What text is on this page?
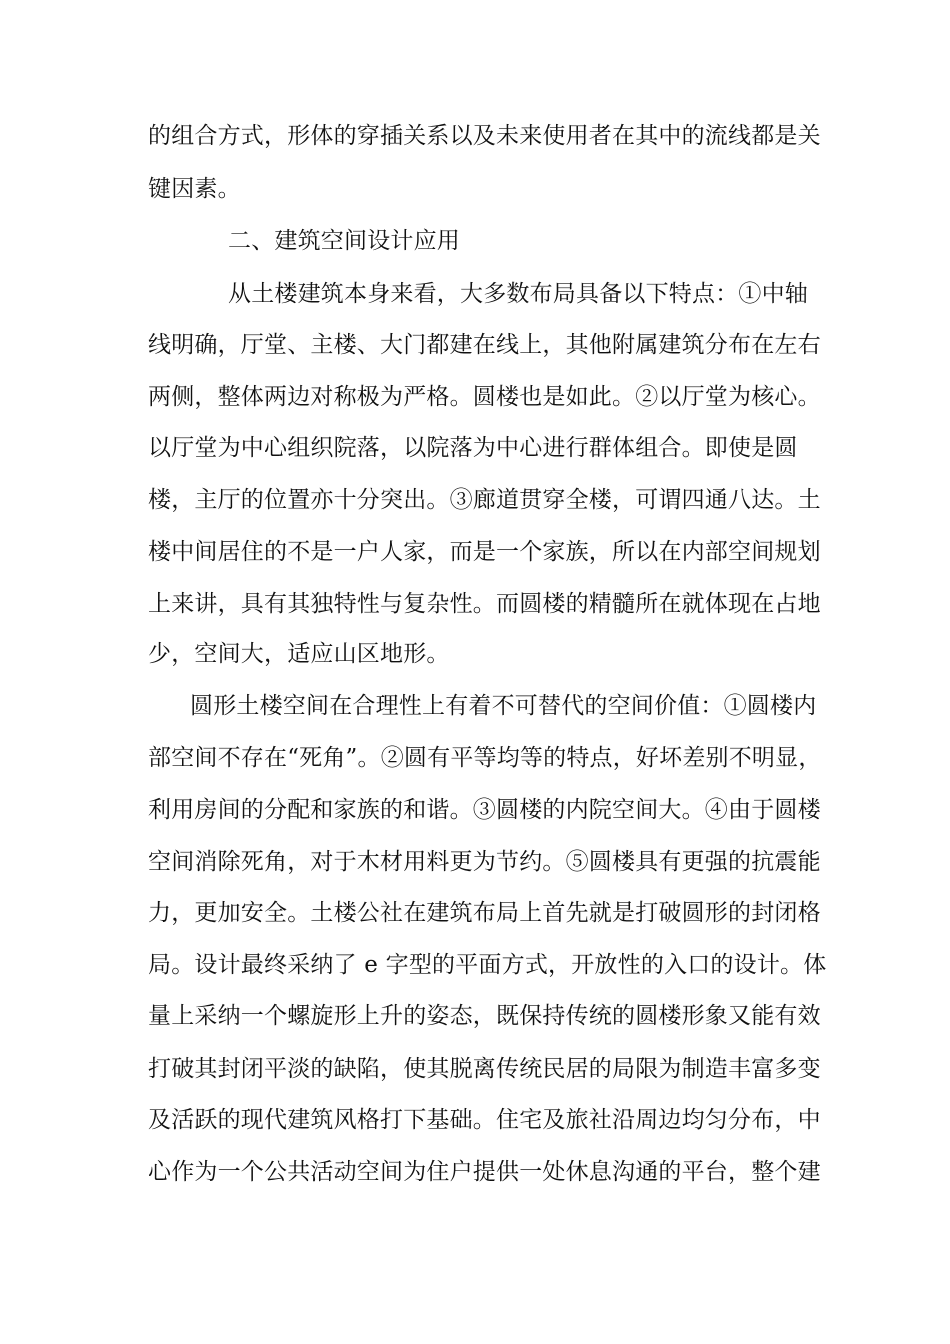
的组合方式，形体的穿插关系以及未来使用者在其中的流线都是关
键因素。
二、建筑空间设计应用
从土楼建筑本身来看，大多数布局具备以下特点：①中轴
线明确，厅堂、主楼、大门都建在线上，其他附属建筑分布在左右
两侧，整体两边对称极为严格。圆楼也是如此。②以厅堂为核心。
以厅堂为中心组织院落，以院落为中心进行群体组合。即使是圆
楼，主厅的位置亦十分突出。③廊道贯穿全楼，可谓四通八达。土
楼中间居住的不是一户人家，而是一个家族，所以在内部空间规划
上来讲，具有其独特性与复杂性。而圆楼的精髓所在就体现在占地
少，空间大，适应山区地形。
圆形土楼空间在合理性上有着不可替代的空间价值：①圆楼内
部空间不存在“死角”。②圆有平等均等的特点，好坏差别不明显，
利用房间的分配和家族的和谐。③圆楼的内院空间大。④由于圆楼
空间消除死角，对于木材用料更为节约。⑤圆楼具有更强的抗震能
力，更加安全。土楼公社在建筑布局上首先就是打破圆形的封闭格
局。设计最终采纳了 e 字型的平面方式，开放性的入口的设计。体
量上采纳一个螺旋形上升的姿态，既保持传统的圆楼形象又能有效
打破其封闭平淡的缺陷，使其脱离传统民居的局限为制造丰富多变
及活跃的现代建筑风格打下基础。住宅及旅社沿周边均匀分布，中
心作为一个公共活动空间为住户提供一处休息沟通的平台，整个建
